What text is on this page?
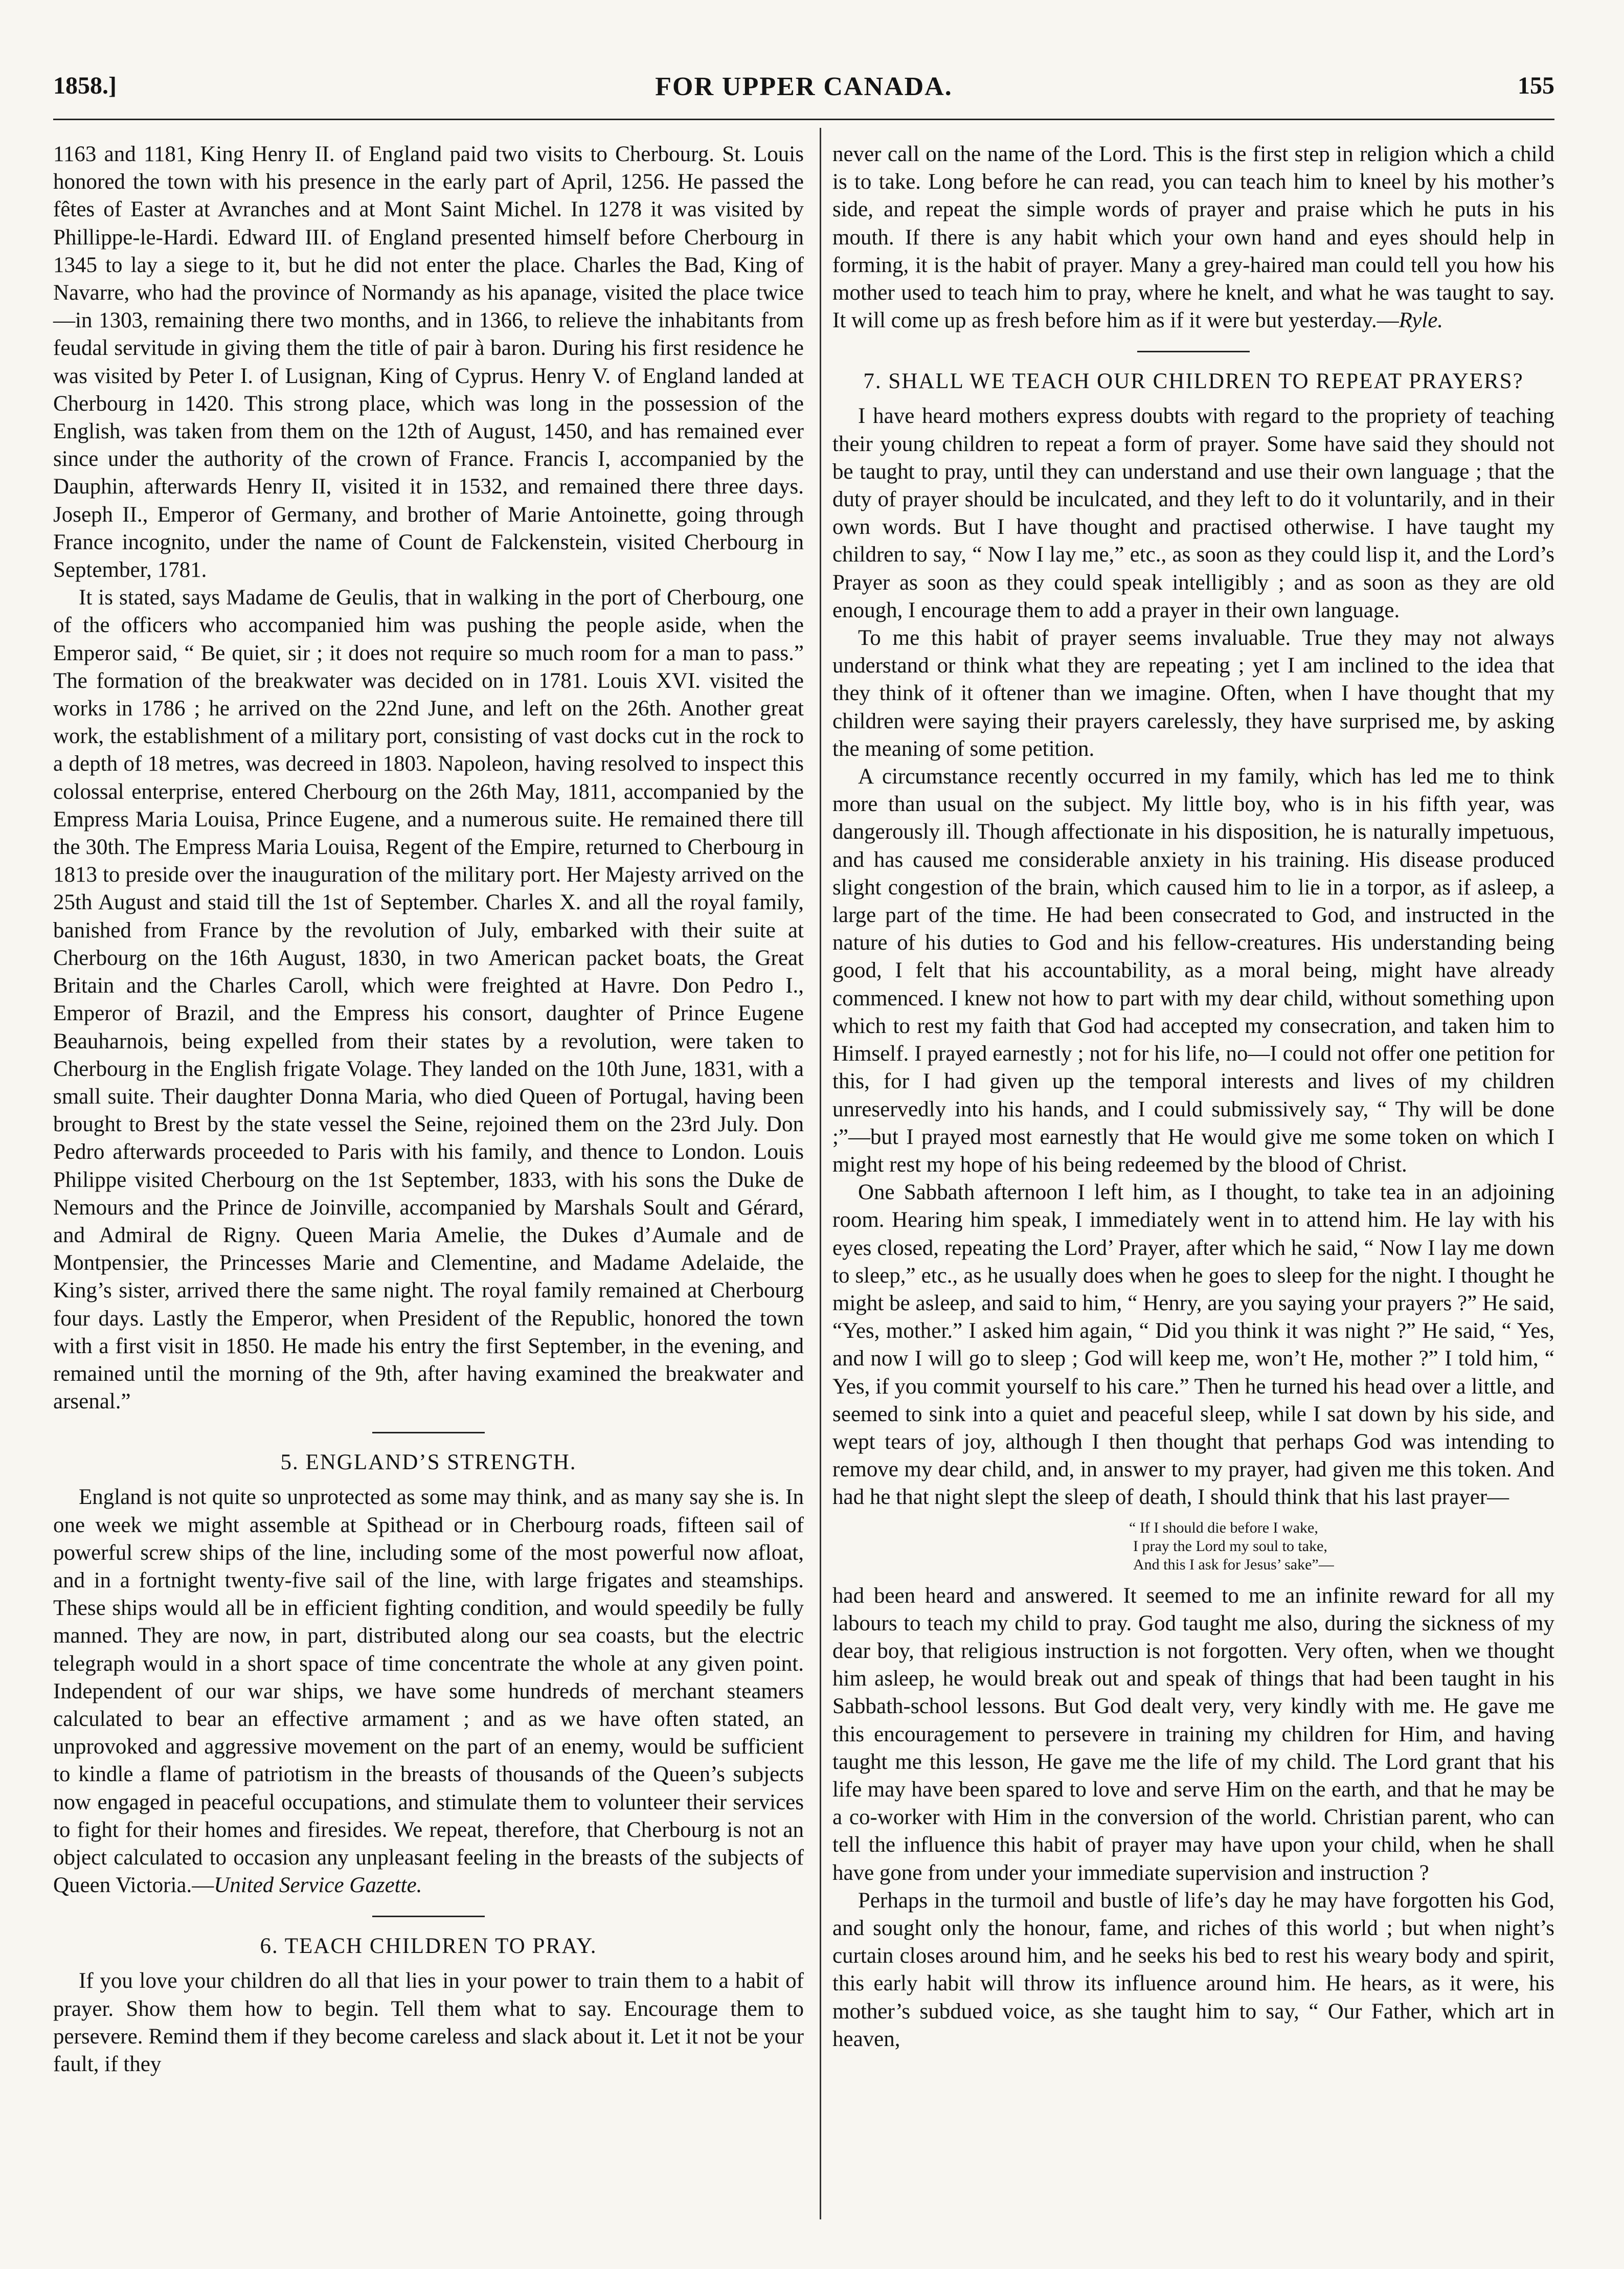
1858.]	FOR UPPER CANADA.	155

1163 and 1181, King Henry II. of England paid two visits to Cherbourg. St. Louis honored the town with his presence in the early part of April, 1256. He passed the fêtes of Easter at Avranches and at Mont Saint Michel. In 1278 it was visited by Phillippe-le-Hardi. Edward III. of England presented himself before Cherbourg in 1345 to lay a siege to it, but he did not enter the place. Charles the Bad, King of Navarre, who had the province of Normandy as his apanage, visited the place twice—in 1303, remaining there two months, and in 1366, to relieve the inhabitants from feudal servitude in giving them the title of pair à baron. During his first residence he was visited by Peter I. of Lusignan, King of Cyprus. Henry V. of England landed at Cherbourg in 1420. This strong place, which was long in the possession of the English, was taken from them on the 12th of August, 1450, and has remained ever since under the authority of the crown of France. Francis I, accompanied by the Dauphin, afterwards Henry II, visited it in 1532, and remained there three days. Joseph II., Emperor of Germany, and brother of Marie Antoinette, going through France incognito, under the name of Count de Falckenstein, visited Cherbourg in September, 1781.

It is stated, says Madame de Geulis, that in walking in the port of Cherbourg, one of the officers who accompanied him was pushing the people aside, when the Emperor said, “ Be quiet, sir ; it does not require so much room for a man to pass.” The formation of the breakwater was decided on in 1781. Louis XVI. visited the works in 1786 ; he arrived on the 22nd June, and left on the 26th. Another great work, the establishment of a military port, consisting of vast docks cut in the rock to a depth of 18 metres, was decreed in 1803. Napoleon, having resolved to inspect this colossal enterprise, entered Cherbourg on the 26th May, 1811, accompanied by the Empress Maria Louisa, Prince Eugene, and a numerous suite. He remained there till the 30th. The Empress Maria Louisa, Regent of the Empire, returned to Cherbourg in 1813 to preside over the inauguration of the military port. Her Majesty arrived on the 25th August and staid till the 1st of September. Charles X. and all the royal family, banished from France by the revolution of July, embarked with their suite at Cherbourg on the 16th August, 1830, in two American packet boats, the Great Britain and the Charles Caroll, which were freighted at Havre. Don Pedro I., Emperor of Brazil, and the Empress his consort, daughter of Prince Eugene Beauharnois, being expelled from their states by a revolution, were taken to Cherbourg in the English frigate Volage. They landed on the 10th June, 1831, with a small suite. Their daughter Donna Maria, who died Queen of Portugal, having been brought to Brest by the state vessel the Seine, rejoined them on the 23rd July. Don Pedro afterwards proceeded to Paris with his family, and thence to London. Louis Philippe visited Cherbourg on the 1st September, 1833, with his sons the Duke de Nemours and the Prince de Joinville, accompanied by Marshals Soult and Gérard, and Admiral de Rigny. Queen Maria Amelie, the Dukes d’Aumale and de Montpensier, the Princesses Marie and Clementine, and Madame Adelaide, the King’s sister, arrived there the same night. The royal family remained at Cherbourg four days. Lastly the Emperor, when President of the Republic, honored the town with a first visit in 1850. He made his entry the first September, in the evening, and remained until the morning of the 9th, after having examined the breakwater and arsenal.”

5. ENGLAND’S STRENGTH.

England is not quite so unprotected as some may think, and as many say she is. In one week we might assemble at Spithead or in Cherbourg roads, fifteen sail of powerful screw ships of the line, including some of the most powerful now afloat, and in a fortnight twenty-five sail of the line, with large frigates and steamships. These ships would all be in efficient fighting condition, and would speedily be fully manned. They are now, in part, distributed along our sea coasts, but the electric telegraph would in a short space of time concentrate the whole at any given point. Independent of our war ships, we have some hundreds of merchant steamers calculated to bear an effective armament ; and as we have often stated, an unprovoked and aggressive movement on the part of an enemy, would be sufficient to kindle a flame of patriotism in the breasts of thousands of the Queen’s subjects now engaged in peaceful occupations, and stimulate them to volunteer their services to fight for their homes and firesides. We repeat, therefore, that Cherbourg is not an object calculated to occasion any unpleasant feeling in the breasts of the subjects of Queen Victoria.—United Service Gazette.

6. TEACH CHILDREN TO PRAY.

If you love your children do all that lies in your power to train them to a habit of prayer. Show them how to begin. Tell them what to say. Encourage them to persevere. Remind them if they become careless and slack about it. Let it not be your fault, if they

never call on the name of the Lord. This is the first step in religion which a child is to take. Long before he can read, you can teach him to kneel by his mother’s side, and repeat the simple words of prayer and praise which he puts in his mouth. If there is any habit which your own hand and eyes should help in forming, it is the habit of prayer. Many a grey-haired man could tell you how his mother used to teach him to pray, where he knelt, and what he was taught to say. It will come up as fresh before him as if it were but yesterday.—Ryle.

7. SHALL WE TEACH OUR CHILDREN TO REPEAT PRAYERS?

I have heard mothers express doubts with regard to the propriety of teaching their young children to repeat a form of prayer. Some have said they should not be taught to pray, until they can understand and use their own language ; that the duty of prayer should be inculcated, and they left to do it voluntarily, and in their own words. But I have thought and practised otherwise. I have taught my children to say, “ Now I lay me,” etc., as soon as they could lisp it, and the Lord’s Prayer as soon as they could speak intelligibly ; and as soon as they are old enough, I encourage them to add a prayer in their own language.

To me this habit of prayer seems invaluable. True they may not always understand or think what they are repeating ; yet I am inclined to the idea that they think of it oftener than we imagine. Often, when I have thought that my children were saying their prayers carelessly, they have surprised me, by asking the meaning of some petition.

A circumstance recently occurred in my family, which has led me to think more than usual on the subject. My little boy, who is in his fifth year, was dangerously ill. Though affectionate in his disposition, he is naturally impetuous, and has caused me considerable anxiety in his training. His disease produced slight congestion of the brain, which caused him to lie in a torpor, as if asleep, a large part of the time. He had been consecrated to God, and instructed in the nature of his duties to God and his fellow-creatures. His understanding being good, I felt that his accountability, as a moral being, might have already commenced. I knew not how to part with my dear child, without something upon which to rest my faith that God had accepted my consecration, and taken him to Himself. I prayed earnestly ; not for his life, no—I could not offer one petition for this, for I had given up the temporal interests and lives of my children unreservedly into his hands, and I could submissively say, “ Thy will be done ;”—but I prayed most earnestly that He would give me some token on which I might rest my hope of his being redeemed by the blood of Christ.

One Sabbath afternoon I left him, as I thought, to take tea in an adjoining room. Hearing him speak, I immediately went in to attend him. He lay with his eyes closed, repeating the Lord’ Prayer, after which he said, “ Now I lay me down to sleep,” etc., as he usually does when he goes to sleep for the night. I thought he might be asleep, and said to him, “ Henry, are you saying your prayers ?” He said, “Yes, mother.” I asked him again, “ Did you think it was night ?” He said, “ Yes, and now I will go to sleep ; God will keep me, won’t He, mother ?” I told him, “ Yes, if you commit yourself to his care.” Then he turned his head over a little, and seemed to sink into a quiet and peaceful sleep, while I sat down by his side, and wept tears of joy, although I then thought that perhaps God was intending to remove my dear child, and, in answer to my prayer, had given me this token. And had he that night slept the sleep of death, I should think that his last prayer—

“ If I should die before I wake,
I pray the Lord my soul to take,
And this I ask for Jesus’ sake”—

had been heard and answered. It seemed to me an infinite reward for all my labours to teach my child to pray. God taught me also, during the sickness of my dear boy, that religious instruction is not forgotten. Very often, when we thought him asleep, he would break out and speak of things that had been taught in his Sabbath-school lessons. But God dealt very, very kindly with me. He gave me this encouragement to persevere in training my children for Him, and having taught me this lesson, He gave me the life of my child. The Lord grant that his life may have been spared to love and serve Him on the earth, and that he may be a co-worker with Him in the conversion of the world. Christian parent, who can tell the influence this habit of prayer may have upon your child, when he shall have gone from under your immediate supervision and instruction ?

Perhaps in the turmoil and bustle of life’s day he may have forgotten his God, and sought only the honour, fame, and riches of this world ; but when night’s curtain closes around him, and he seeks his bed to rest his weary body and spirit, this early habit will throw its influence around him. He hears, as it were, his mother’s subdued voice, as she taught him to say, “ Our Father, which art in heaven,
